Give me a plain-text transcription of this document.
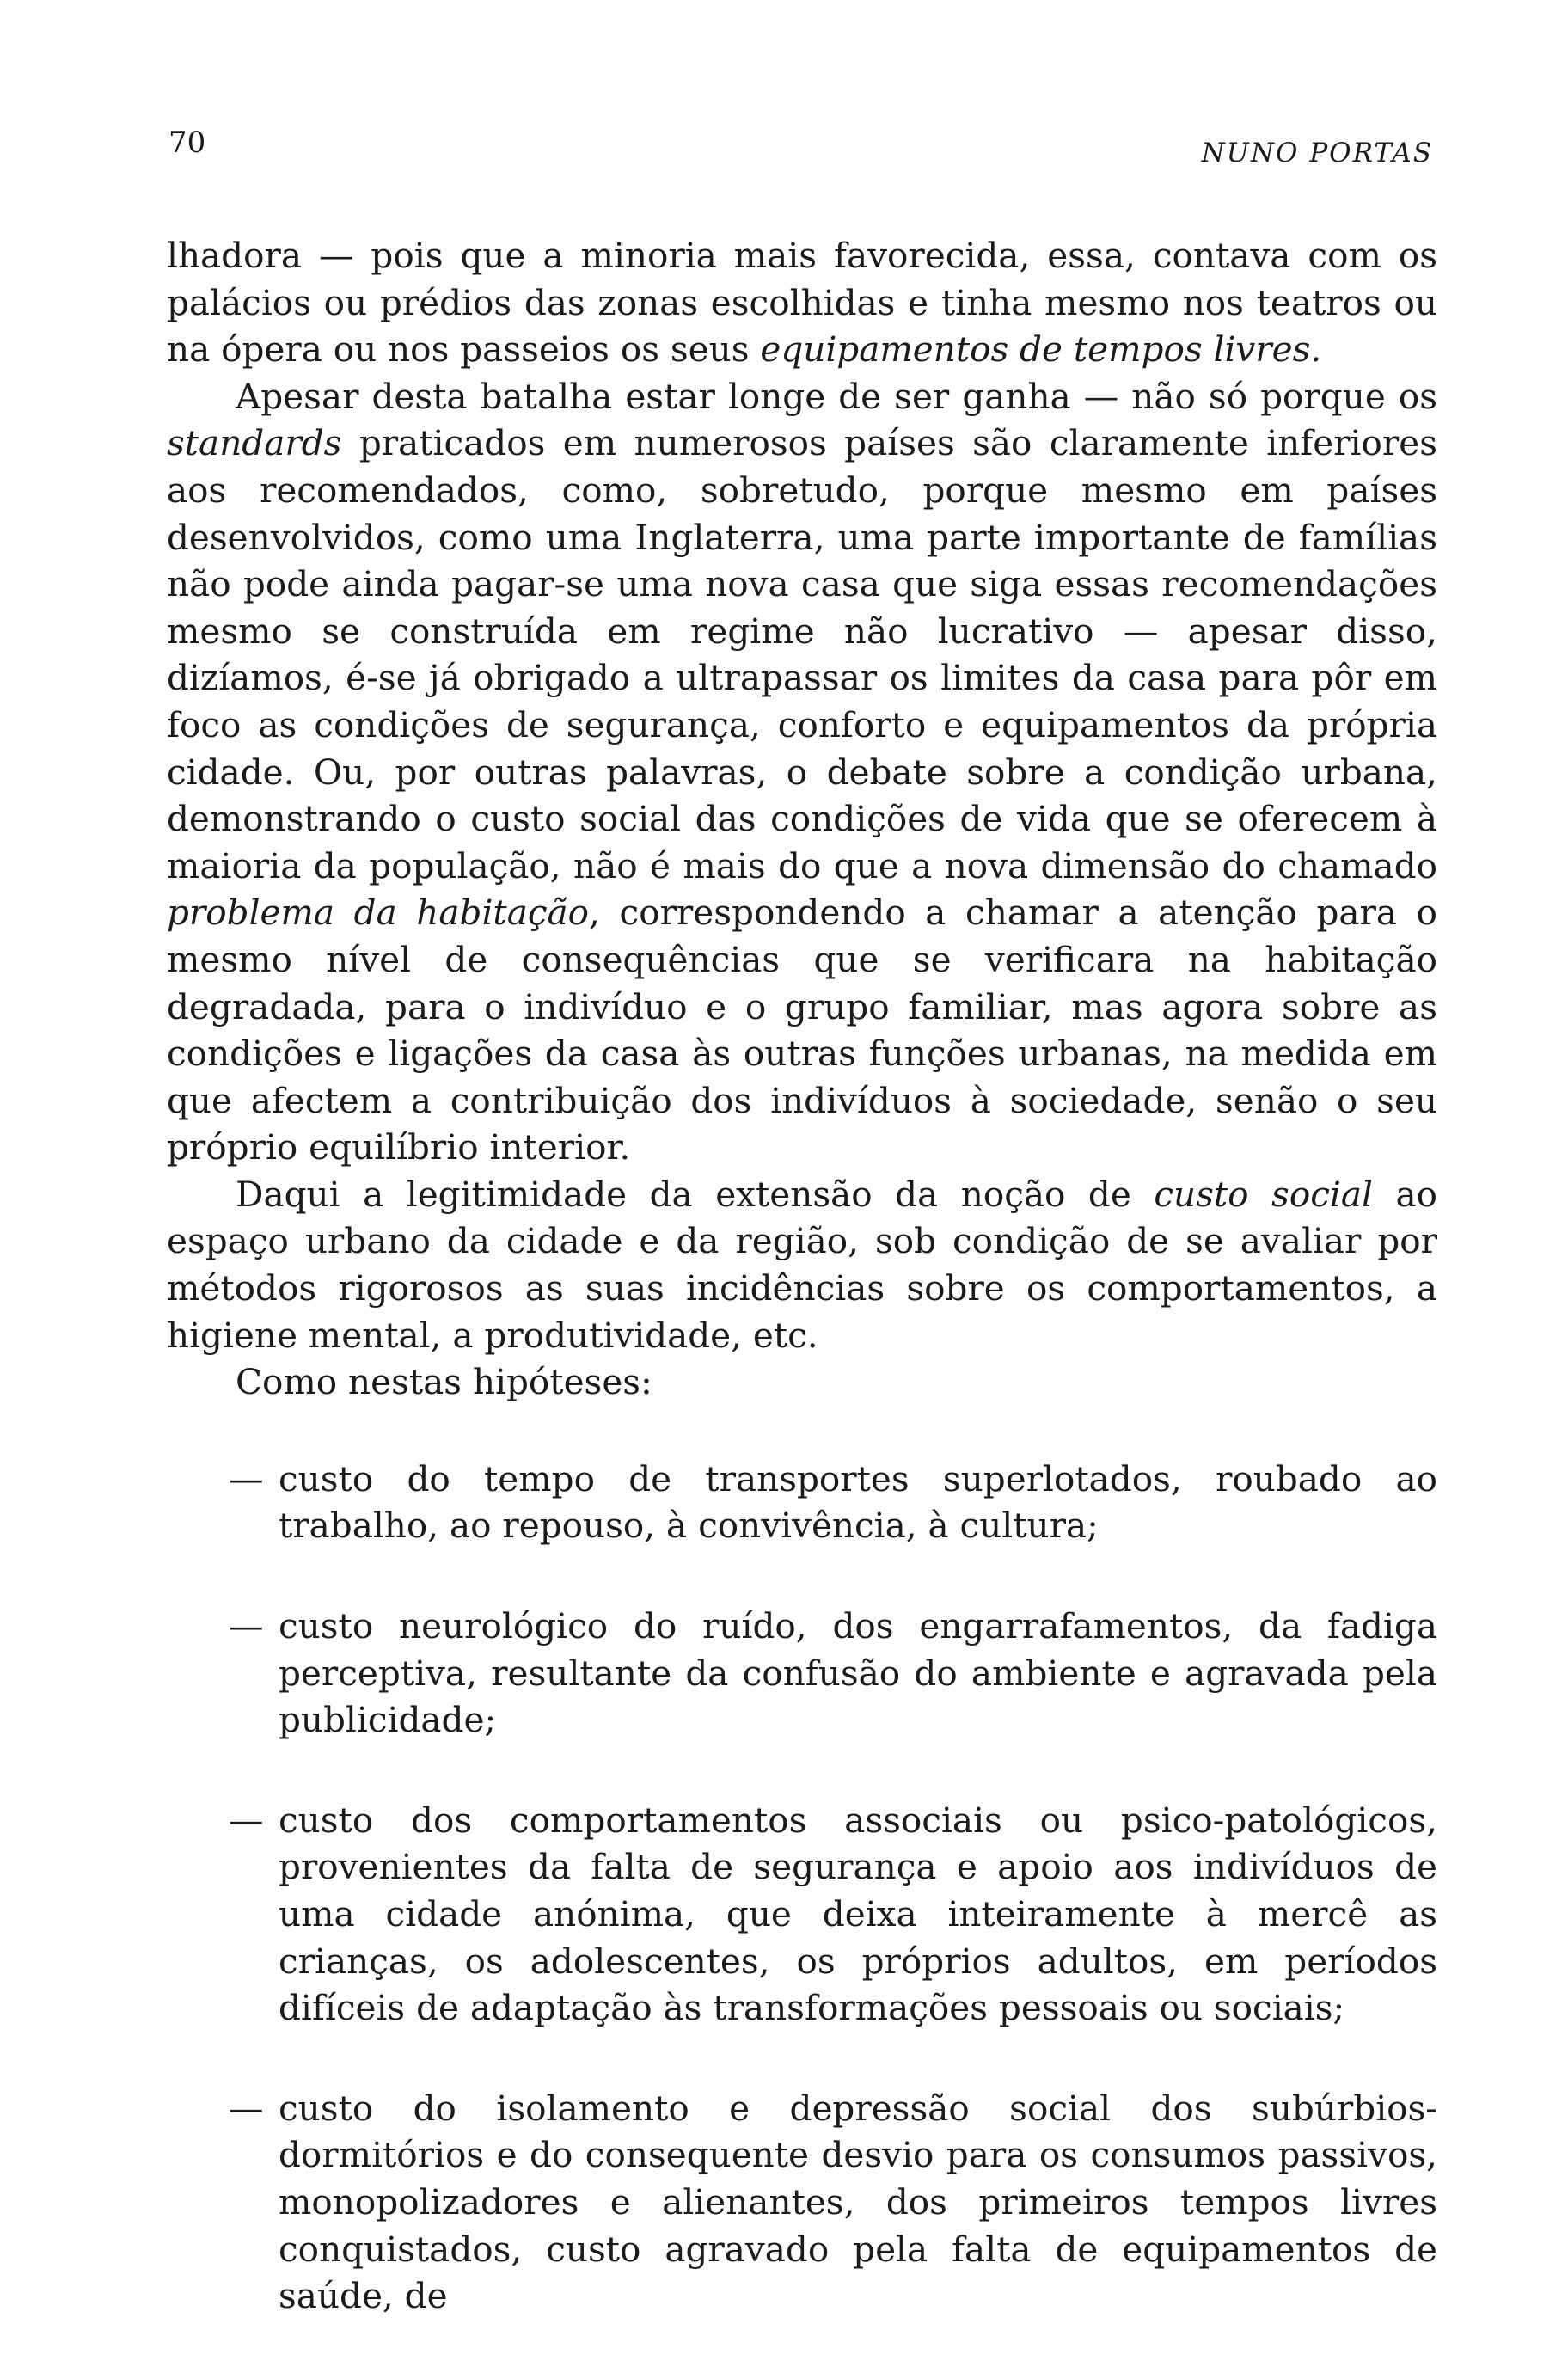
70	NUNO PORTAS

lhadora — pois que a minoria mais favorecida, essa, contava com os palácios ou prédios das zonas escolhidas e tinha mesmo nos teatros ou na ópera ou nos passeios os seus equipamentos de tempos livres.

Apesar desta batalha estar longe de ser ganha — não só porque os standards praticados em numerosos países são claramente inferiores aos recomendados, como, sobretudo, porque mesmo em países desenvolvidos, como uma Inglaterra, uma parte importante de famílias não pode ainda pagar-se uma nova casa que siga essas recomendações mesmo se construída em regime não lucrativo — apesar disso, dizíamos, é-se já obrigado a ultrapassar os limites da casa para pôr em foco as condições de segurança, conforto e equipamentos da própria cidade. Ou, por outras palavras, o debate sobre a condição urbana, demonstrando o custo social das condições de vida que se oferecem à maioria da população, não é mais do que a nova dimensão do chamado problema da habitação, correspondendo a chamar a atenção para o mesmo nível de consequências que se verificara na habitação degradada, para o indivíduo e o grupo familiar, mas agora sobre as condições e ligações da casa às outras funções urbanas, na medida em que afectem a contribuição dos indivíduos à sociedade, senão o seu próprio equilíbrio interior.

Daqui a legitimidade da extensão da noção de custo social ao espaço urbano da cidade e da região, sob condição de se avaliar por métodos rigorosos as suas incidências sobre os comportamentos, a higiene mental, a produtividade, etc.

Como nestas hipóteses:

— custo do tempo de transportes superlotados, roubado ao trabalho, ao repouso, à convivência, à cultura;
— custo neurológico do ruído, dos engarrafamentos, da fadiga perceptiva, resultante da confusão do ambiente e agravada pela publicidade;
— custo dos comportamentos associais ou psico-patológicos, provenientes da falta de segurança e apoio aos indivíduos de uma cidade anónima, que deixa inteiramente à mercê as crianças, os adolescentes, os próprios adultos, em períodos difíceis de adaptação às transformações pessoais ou sociais;
— custo do isolamento e depressão social dos subúrbios-dormitórios e do consequente desvio para os consumos passivos, monopolizadores e alienantes, dos primeiros tempos livres conquistados, custo agravado pela falta de equipamentos de saúde, de
